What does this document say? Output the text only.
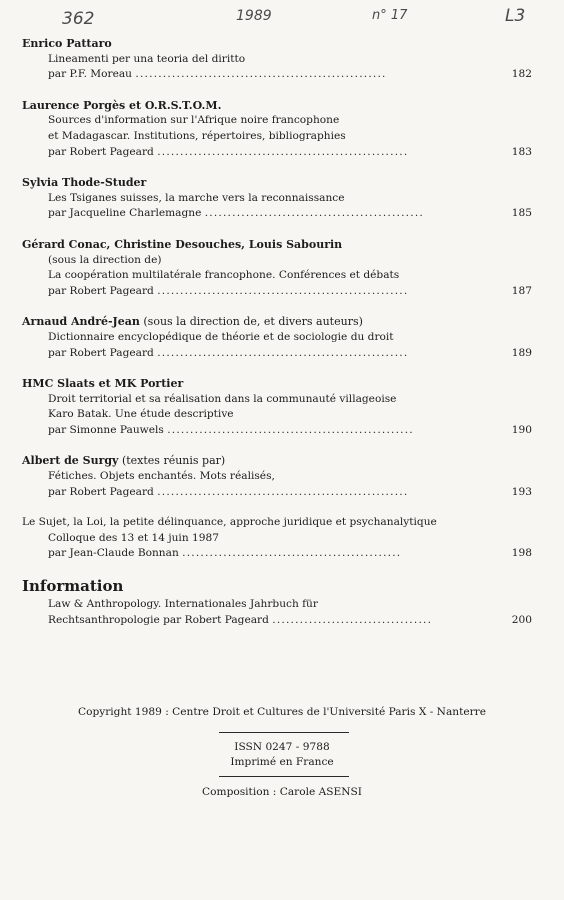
362	1989	n° 17	L3
Enrico Pattaro
Lineamenti per una teoria del diritto
par P.F. Moreau .......................................................	182
Laurence Porgès et O.R.S.T.O.M.
Sources d'information sur l'Afrique noire francophone
et Madagascar. Institutions, répertoires, bibliographies
par Robert Pageard .......................................................	183
Sylvia Thode-Studer
Les Tsiganes suisses, la marche vers la reconnaissance
par Jacqueline Charlemagne ................................................	185
Gérard Conac, Christine Desouches, Louis Sabourin
(sous la direction de)
La coopération multilatérale francophone. Conférences et débats
par Robert Pageard .......................................................	187
Arnaud André-Jean (sous la direction de, et divers auteurs)
Dictionnaire encyclopédique de théorie et de sociologie du droit
par Robert Pageard .......................................................	189
HMC Slaats et MK Portier
Droit territorial et sa réalisation dans la communauté villageoise
Karo Batak. Une étude descriptive
par Simonne Pauwels ......................................................	190
Albert de Surgy (textes réunis par)
Fétiches. Objets enchantés. Mots réalisés,
par Robert Pageard .......................................................	193
Le Sujet, la Loi, la petite délinquance, approche juridique et psychanalytique
Colloque des 13 et 14 juin 1987
par Jean-Claude Bonnan ................................................	198
Information
Law & Anthropology. Internationales Jahrbuch für
Rechtsanthropologie par Robert Pageard ...................................	200
Copyright 1989 : Centre Droit et Cultures de l'Université Paris X - Nanterre
ISSN 0247 - 9788
Imprimé en France
Composition : Carole ASENSI
